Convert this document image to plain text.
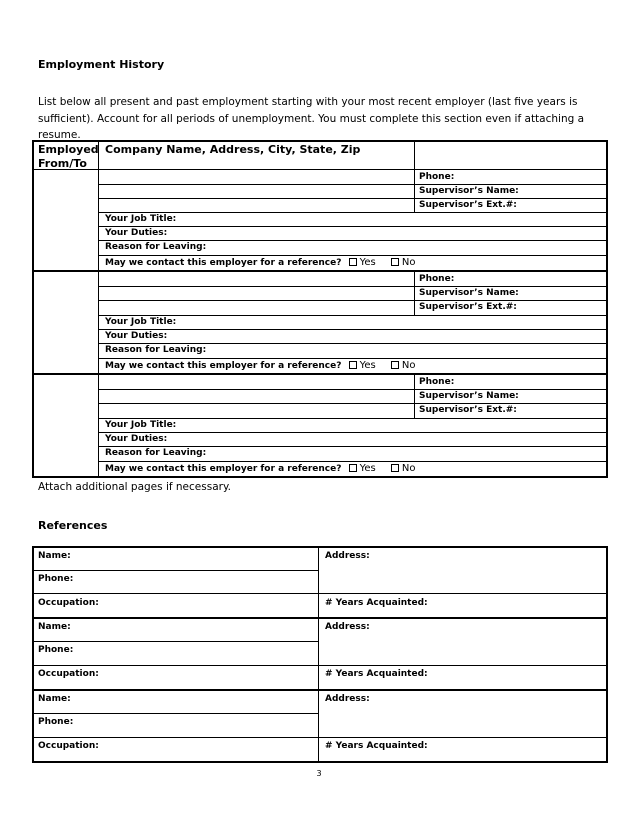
Employment History
List below all present and past employment starting with your most recent employer (last five years is
sufficient). Account for all periods of unemployment. You must complete this section even if attaching a
resume.
Employed
From/To
Company Name, Address, City, State, Zip
Phone:
Supervisor’s Name:
Supervisor’s Ext.#:
Your Job Title:
Your Duties:
Reason for Leaving:
May we contact this employer for a reference? Yes	No
Phone:
Supervisor’s Name:
Supervisor’s Ext.#:
Your Job Title:
Your Duties:
Reason for Leaving:
May we contact this employer for a reference? Yes	No
Phone:
Supervisor’s Name:
Supervisor’s Ext.#:
Your Job Title:
Your Duties:
Reason for Leaving:
May we contact this employer for a reference? Yes	No
Attach additional pages if necessary.
References
Name:	Address:
Phone:
Occupation:	# Years Acquainted:
Name:	Address:
Phone:
Occupation:	# Years Acquainted:
Name:	Address:
Phone:
Occupation:	# Years Acquainted:
3
